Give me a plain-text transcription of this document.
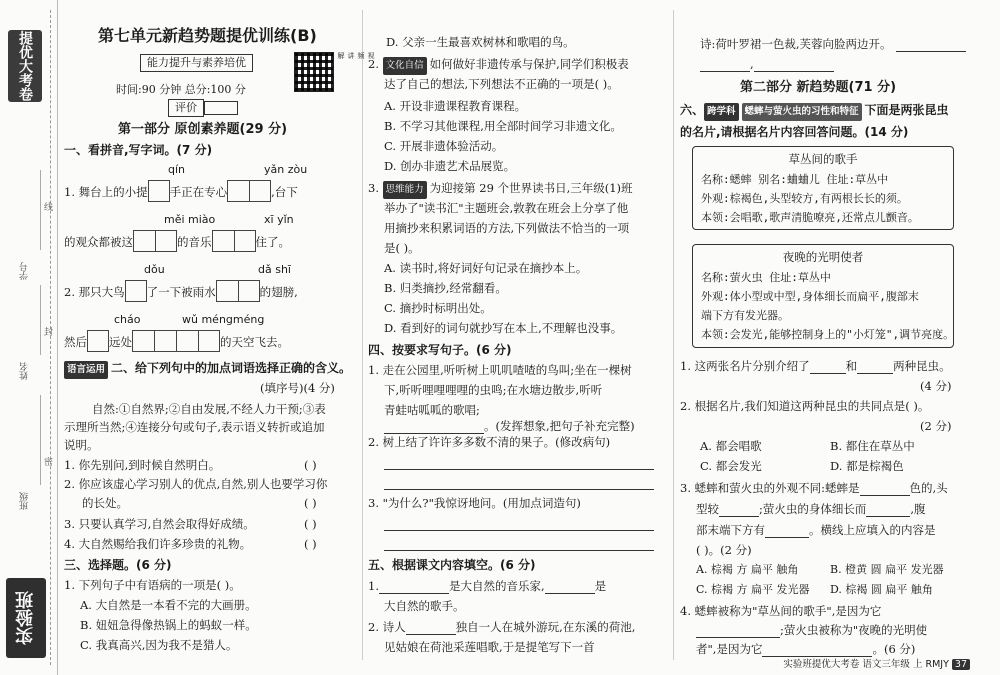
提优大考卷
线
封
密
学号
姓名
班级
实验班
第七单元新趋势题提优训练(B)
能力提升与素养培优
视频讲解
时间:90 分钟 总分:100 分
评价
第一部分 原创素养题(29 分)
一、看拼音,写字词。(7 分)
qín	yǎn zòu
1. 舞台上的小提 手正在专心	,台下
měi miào	xī yǐn
的观众都被这	的音乐	住了。
dǒu	dǎ shī
2. 那只大鸟 了一下被雨水	的翅膀,
cháo	wǔ méngméng
然后 远处	的天空飞去。
语言运用 二、给下列句中的加点词语选择正确的含义。
(填序号)(4 分)
自然:①自然界;②自由发展,不经人力干预;③表
示理所当然;④连接分句或句子,表示语义转折或追加
说明。
1. 你先别问,到时候自然明白。	( )
2. 你应该虚心学习别人的优点,自然,别人也要学习你
的长处。	( )
3. 只要认真学习,自然会取得好成绩。	( )
4. 大自然赐给我们许多珍贵的礼物。	( )
三、选择题。(6 分)
1. 下列句子中有语病的一项是( )。
A. 大自然是一本看不完的大画册。
B. 妞妞急得像热锅上的蚂蚁一样。
C. 我真高兴,因为我不是猎人。
D. 父亲一生最喜欢树林和歌唱的鸟。
2. 文化自信 如何做好非遗传承与保护,同学们积极表
达了自己的想法,下列想法不正确的一项是( )。
A. 开设非遗课程教育课程。
B. 不学习其他课程,用全部时间学习非遗文化。
C. 开展非遗体验活动。
D. 创办非遗艺术品展览。
3. 思维能力 为迎接第 29 个世界读书日,三年级(1)班
举办了"读书汇"主题班会,敦教在班会上分享了他
用摘抄来积累词语的方法,下列做法不恰当的一项
是( )。
A. 读书时,将好词好句记录在摘抄本上。
B. 归类摘抄,经常翻看。
C. 摘抄时标明出处。
D. 看到好的词句就抄写在本上,不理解也没事。
四、按要求写句子。(6 分)
1. 走在公园里,听听树上叽叽喳喳的鸟叫;坐在一棵树
下,听听哩哩哩哩的虫鸣;在水塘边散步,听听
青蛙咕呱呱的歌唱;
。(发挥想象,把句子补充完整)
2. 树上结了许许多多数不清的果子。(修改病句)
3. "为什么?"我惊讶地问。(用加点词造句)
五、根据课文内容填空。(6 分)
1.	是大自然的音乐家,	是
大自然的歌手。
2. 诗人	独自一人在城外游玩,在东溪的荷池,
见姑娘在荷池采莲唱歌,于是提笔写下一首
诗:荷叶罗裙一色裁,芙蓉向脸两边开。
,
第二部分 新趋势题(71 分)
六、 跨学科 蟋蟀与萤火虫的习性和特征 下面是两张昆虫
的名片,请根据名片内容回答问题。(14 分)
草丛间的歌手
名称:蟋蟀 别名:蛐蛐儿 住址:草丛中
外观:棕褐色,头型较方,有两根长长的须。
本领:会唱歌,歌声清脆嘹亮,还常点儿颤音。
夜晚的光明使者
名称:萤火虫 住址:草丛中
外观:体小型或中型,身体细长而扁平,腹部末
端下方有发光器。
本领:会发光,能够控制身上的"小灯笼",调节亮度。
1. 这两张名片分别介绍了	和	两种昆虫。
(4 分)
2. 根据名片,我们知道这两种昆虫的共同点是( )。
(2 分)
A. 都会唱歌	B. 都住在草丛中
C. 都会发光	D. 都是棕褐色
3. 蟋蟀和萤火虫的外观不同:蟋蟀是	色的,头
型较	;萤火虫的身体细长而	,腹
部末端下方有	。横线上应填入的内容是
( )。(2 分)
A. 棕褐 方 扁平 触角	B. 橙黄 圆 扁平 发光器
C. 棕褐 方 扁平 发光器 D. 棕褐 圆 扁平 触角
4. 蟋蟀被称为"草丛间的歌手",是因为它
;萤火虫被称为"夜晚的光明使
者",是因为它	。(6 分)
实验班提优大考卷 语文三年级 上 RMJY 37
